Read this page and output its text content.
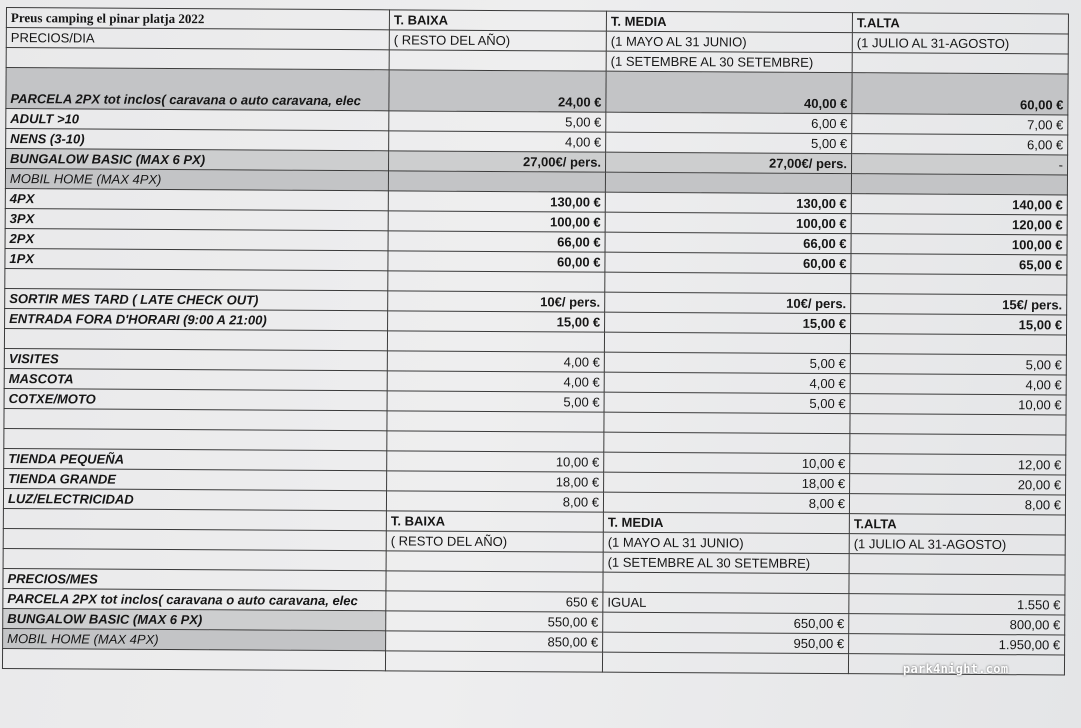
Preus camping el pinar platja 2022	T. BAIXA	T. MEDIA	T.ALTA
PRECIOS/DIA	( RESTO DEL AÑO)	(1 MAYO AL 31 JUNIO)	(1 JULIO AL 31-AGOSTO)
		(1 SETEMBRE AL 30 SETEMBRE)	
PARCELA 2PX tot inclos( caravana o auto caravana, elec	24,00 €	40,00 €	60,00 €
ADULT >10	5,00 €	6,00 €	7,00 €
NENS (3-10)	4,00 €	5,00 €	6,00 €
BUNGALOW BASIC (MAX 6 PX)	27,00€/ pers.	27,00€/ pers.	-
MOBIL HOME (MAX 4PX)			
4PX	130,00 €	130,00 €	140,00 €
3PX	100,00 €	100,00 €	120,00 €
2PX	66,00 €	66,00 €	100,00 €
1PX	60,00 €	60,00 €	65,00 €

SORTIR MES TARD ( LATE CHECK OUT)	10€/ pers.	10€/ pers.	15€/ pers.
ENTRADA FORA D'HORARI (9:00 A 21:00)	15,00 €	15,00 €	15,00 €

VISITES	4,00 €	5,00 €	5,00 €
MASCOTA	4,00 €	4,00 €	4,00 €
COTXE/MOTO	5,00 €	5,00 €	10,00 €

TIENDA PEQUEÑA	10,00 €	10,00 €	12,00 €
TIENDA GRANDE	18,00 €	18,00 €	20,00 €
LUZ/ELECTRICIDAD	8,00 €	8,00 €	8,00 €
	T. BAIXA	T. MEDIA	T.ALTA
	( RESTO DEL AÑO)	(1 MAYO AL 31 JUNIO)	(1 JULIO AL 31-AGOSTO)
		(1 SETEMBRE AL 30 SETEMBRE)	
PRECIOS/MES			
PARCELA 2PX tot inclos( caravana o auto caravana, elec	650 €	IGUAL	1.550 €
BUNGALOW BASIC (MAX 6 PX)	550,00 €	650,00 €	800,00 €
MOBIL HOME (MAX 4PX)	850,00 €	950,00 €	1.950,00 €

park4night.com
